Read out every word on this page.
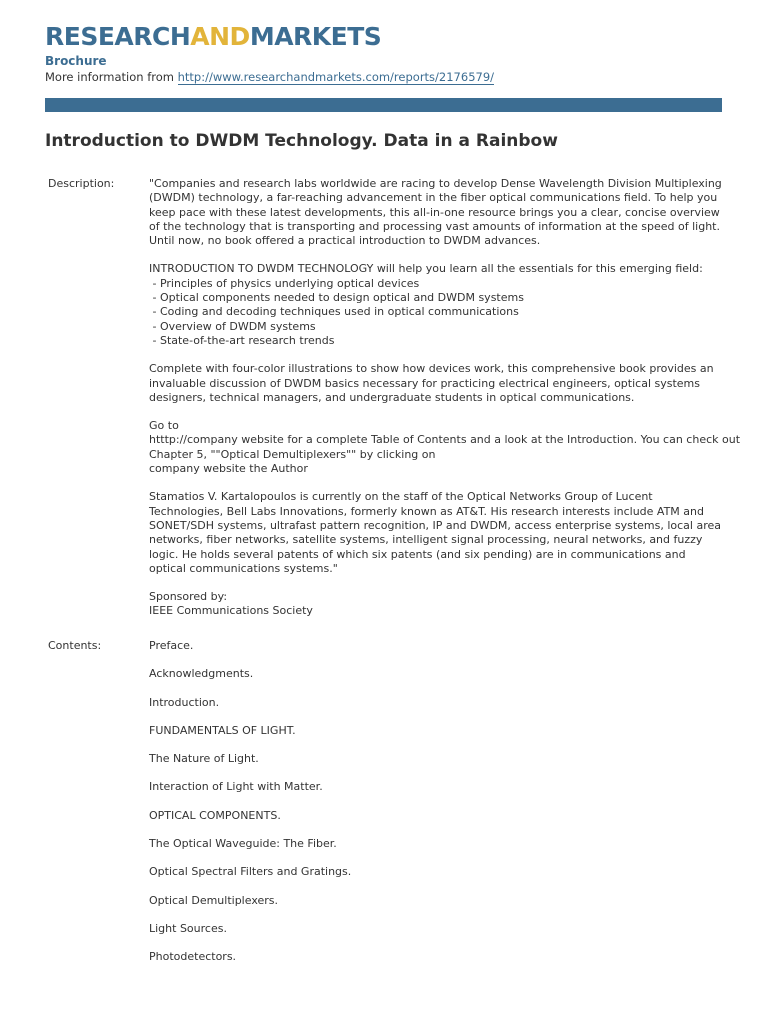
RESEARCHANDMARKETS
Brochure
More information from http://www.researchandmarkets.com/reports/2176579/
Introduction to DWDM Technology. Data in a Rainbow
Description:	"Companies and research labs worldwide are racing to develop Dense Wavelength Division Multiplexing (DWDM) technology, a far-reaching advancement in the fiber optical communications field. To help you keep pace with these latest developments, this all-in-one resource brings you a clear, concise overview of the technology that is transporting and processing vast amounts of information at the speed of light. Until now, no book offered a practical introduction to DWDM advances.
INTRODUCTION TO DWDM TECHNOLOGY will help you learn all the essentials for this emerging field:
- Principles of physics underlying optical devices
- Optical components needed to design optical and DWDM systems
- Coding and decoding techniques used in optical communications
- Overview of DWDM systems
- State-of-the-art research trends
Complete with four-color illustrations to show how devices work, this comprehensive book provides an invaluable discussion of DWDM basics necessary for practicing electrical engineers, optical systems designers, technical managers, and undergraduate students in optical communications.
Go to
htttp://company website for a complete Table of Contents and a look at the Introduction. You can check out
Chapter 5, ""Optical Demultiplexers"" by clicking on
company website the Author
Stamatios V. Kartalopoulos is currently on the staff of the Optical Networks Group of Lucent Technologies, Bell Labs Innovations, formerly known as AT&T. His research interests include ATM and SONET/SDH systems, ultrafast pattern recognition, IP and DWDM, access enterprise systems, local area networks, fiber networks, satellite systems, intelligent signal processing, neural networks, and fuzzy logic. He holds several patents of which six patents (and six pending) are in communications and optical communications systems."
Sponsored by:
IEEE Communications Society
Contents:	Preface.
Acknowledgments.
Introduction.
FUNDAMENTALS OF LIGHT.
The Nature of Light.
Interaction of Light with Matter.
OPTICAL COMPONENTS.
The Optical Waveguide: The Fiber.
Optical Spectral Filters and Gratings.
Optical Demultiplexers.
Light Sources.
Photodetectors.
